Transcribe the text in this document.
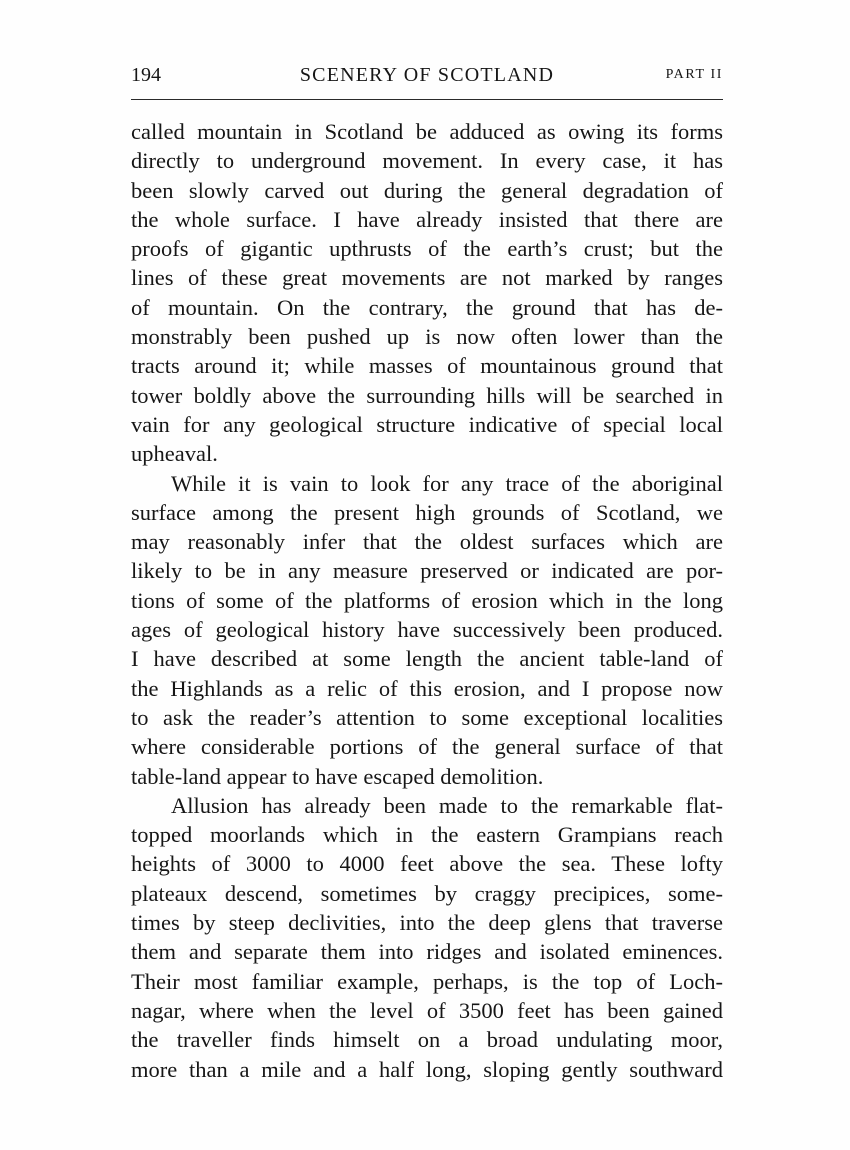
194	SCENERY OF SCOTLAND	PART II
called mountain in Scotland be adduced as owing its forms
directly to underground movement. In every case, it has
been slowly carved out during the general degradation of
the whole surface. I have already insisted that there are
proofs of gigantic upthrusts of the earth’s crust; but the
lines of these great movements are not marked by ranges
of mountain. On the contrary, the ground that has de-
monstrably been pushed up is now often lower than the
tracts around it; while masses of mountainous ground that
tower boldly above the surrounding hills will be searched in
vain for any geological structure indicative of special local
upheaval.
While it is vain to look for any trace of the aboriginal
surface among the present high grounds of Scotland, we
may reasonably infer that the oldest surfaces which are
likely to be in any measure preserved or indicated are por-
tions of some of the platforms of erosion which in the long
ages of geological history have successively been produced.
I have described at some length the ancient table-land of
the Highlands as a relic of this erosion, and I propose now
to ask the reader’s attention to some exceptional localities
where considerable portions of the general surface of that
table-land appear to have escaped demolition.
Allusion has already been made to the remarkable flat-
topped moorlands which in the eastern Grampians reach
heights of 3000 to 4000 feet above the sea. These lofty
plateaux descend, sometimes by craggy precipices, some-
times by steep declivities, into the deep glens that traverse
them and separate them into ridges and isolated eminences.
Their most familiar example, perhaps, is the top of Loch-
nagar, where when the level of 3500 feet has been gained
the traveller finds himselt on a broad undulating moor,
more than a mile and a half long, sloping gently southward
